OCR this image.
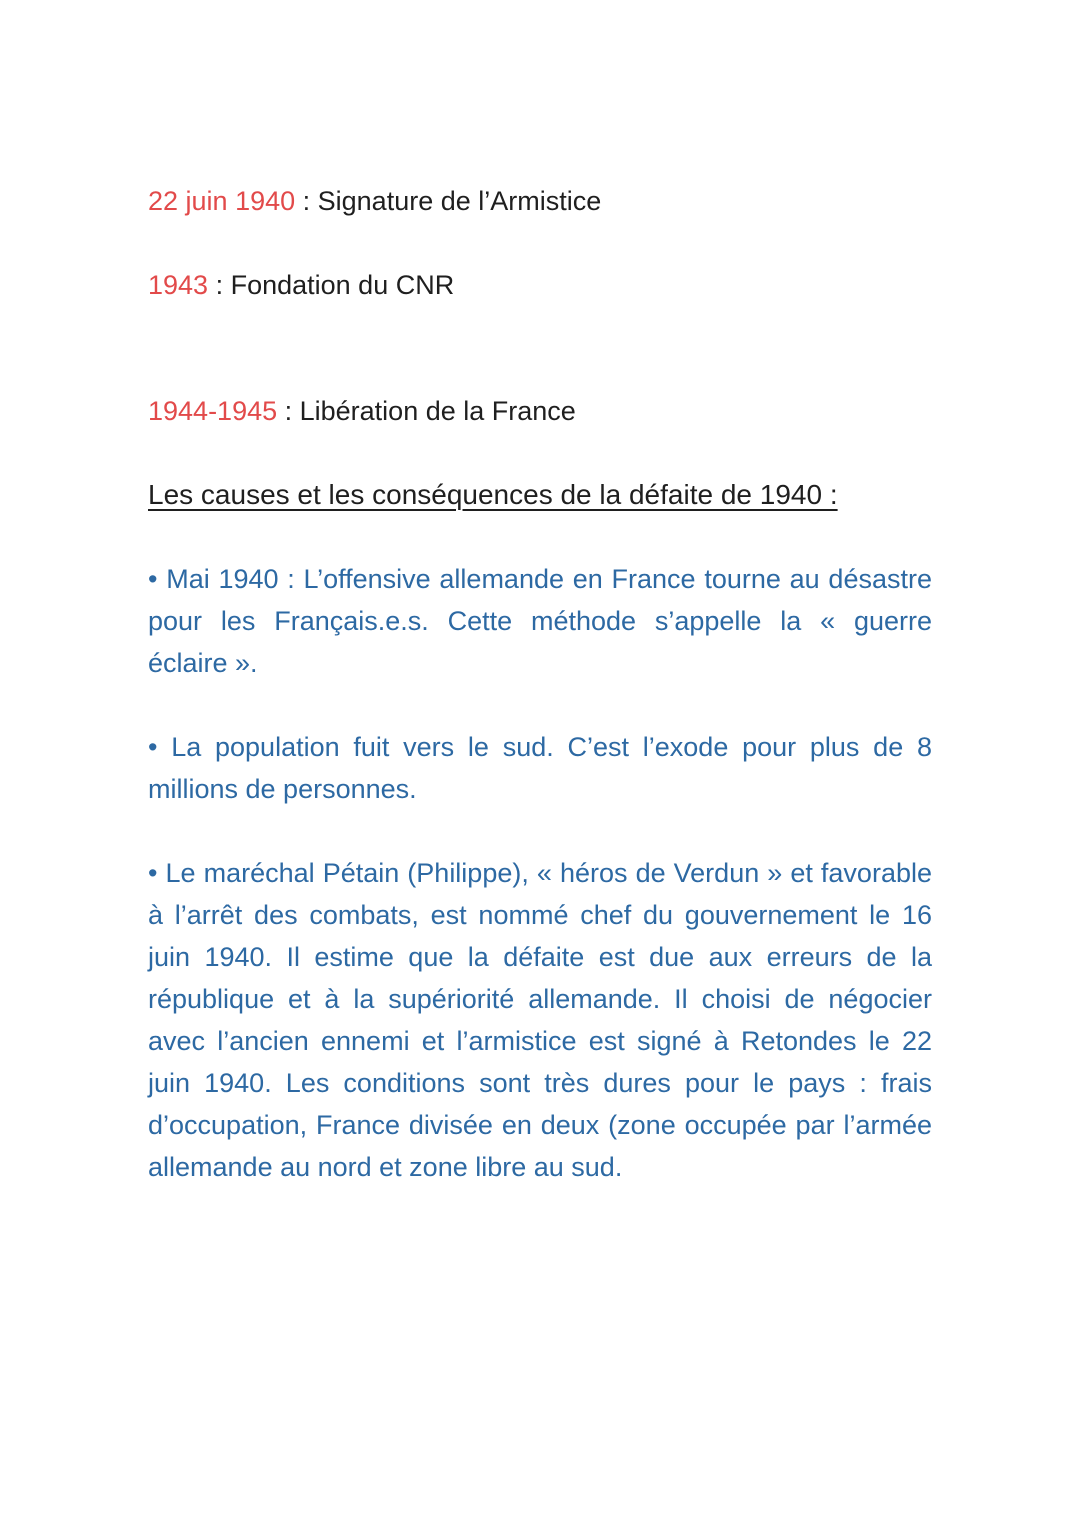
22 juin 1940 : Signature de l’Armistice

1943 : Fondation du CNR

1944-1945 : Libération de la France

Les causes et les conséquences de la défaite de 1940 :

• Mai 1940 : L’offensive allemande en France tourne au désastre pour les Français.e.s. Cette méthode s’appelle la « guerre éclaire ».

• La population fuit vers le sud. C’est l’exode pour plus de 8 millions de personnes.

• Le maréchal Pétain (Philippe), « héros de Verdun » et favorable à l’arrêt des combats, est nommé chef du gouvernement le 16 juin 1940. Il estime que la défaite est due aux erreurs de la république et à la supériorité allemande. Il choisi de négocier avec l’ancien ennemi et l’armistice est signé à Retondes le 22 juin 1940. Les conditions sont très dures pour le pays : frais d’occupation, France divisée en deux (zone occupée par l’armée allemande au nord et zone libre au sud.
